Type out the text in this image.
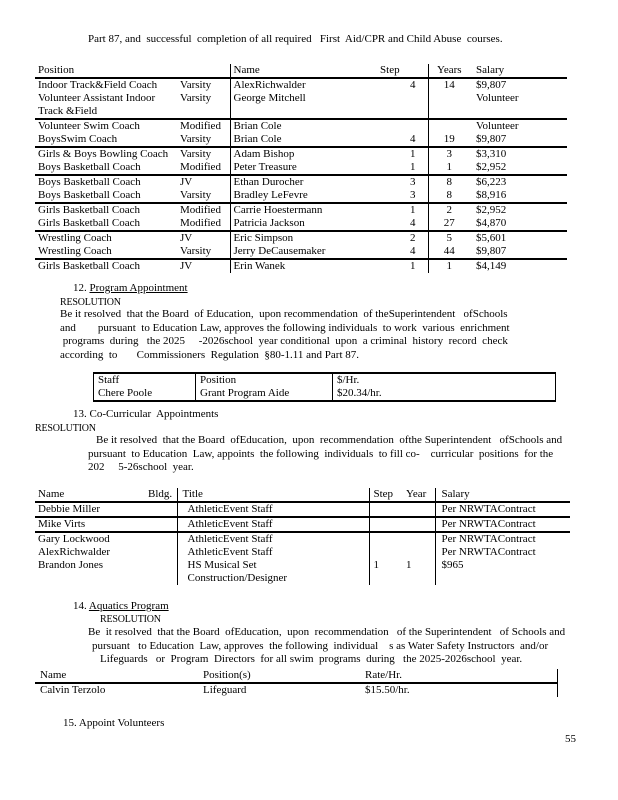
Part 87, and  successful  completion of all required   First  Aid/CPR and Child Abuse  courses.
Position		Name	Step	Years	Salary
Indoor Track&Field Coach	Varsity	AlexRichwalder	4	14	$9,807
Volunteer Assistant Indoor Track &Field	Varsity	George Mitchell			Volunteer
Volunteer Swim Coach	Modified	Brian Cole			Volunteer
BoysSwim Coach	Varsity	Brian Cole	4	19	$9,807
Girls & Boys Bowling Coach	Varsity	Adam Bishop	1	3	$3,310
Boys Basketball Coach	Modified	Peter Treasure	1	1	$2,952
Boys Basketball Coach	JV	Ethan Durocher	3	8	$6,223
Boys Basketball Coach	Varsity	Bradley LeFevre	3	8	$8,916
Girls Basketball Coach	Modified	Carrie Hoestermann	1	2	$2,952
Girls Basketball Coach	Modified	Patricia Jackson	4	27	$4,870
Wrestling Coach	JV	Eric Simpson	2	5	$5,601
Wrestling Coach	Varsity	Jerry DeCausemaker	4	44	$9,807
Girls Basketball Coach	JV	Erin Wanek	1	1	$4,149
12. Program Appointment
RESOLUTION
Be it resolved  that the Board  of Education,  upon recommendation  of theSuperintendent   ofSchools
and        pursuant  to Education Law, approves the following individuals  to work  various  enrichment
programs  during   the 2025     -2026school  year conditional  upon  a criminal  history  record  check
according  to       Commissioners  Regulation  §80-1.11 and Part 87.
Staff	Position	$/Hr.
Chere Poole	Grant Program Aide	$20.34/hr.
13. Co-Curricular  Appointments
RESOLUTION
Be it resolved  that the Board  ofEducation,  upon  recommendation  ofthe Superintendent   ofSchools and
pursuant  to Education  Law, appoints  the following  individuals  to fill co-    curricular  positions  for the
202     5-26school  year.
Name	Bldg.	Title	Step	Year	Salary
Debbie Miller		AthleticEvent Staff			Per NRWTAContract
Mike Virts		AthleticEvent Staff			Per NRWTAContract
Gary Lockwood		AthleticEvent Staff			Per NRWTAContract
AlexRichwalder		AthleticEvent Staff			Per NRWTAContract
Brandon Jones		HS Musical Set
Construction/Designer	1	1	$965
14. Aquatics Program
RESOLUTION
Be  it resolved  that the Board  ofEducation,  upon  recommendation   of the Superintendent   of Schools and
pursuant   to Education  Law, approves  the following  individual    s as Water Safety Instructors  and/or
Lifeguards   or  Program  Directors  for all swim  programs  during   the 2025-2026school  year.
Name	Position(s)	Rate/Hr.
Calvin Terzolo	Lifeguard	$15.50/hr.
15. Appoint Volunteers
55
